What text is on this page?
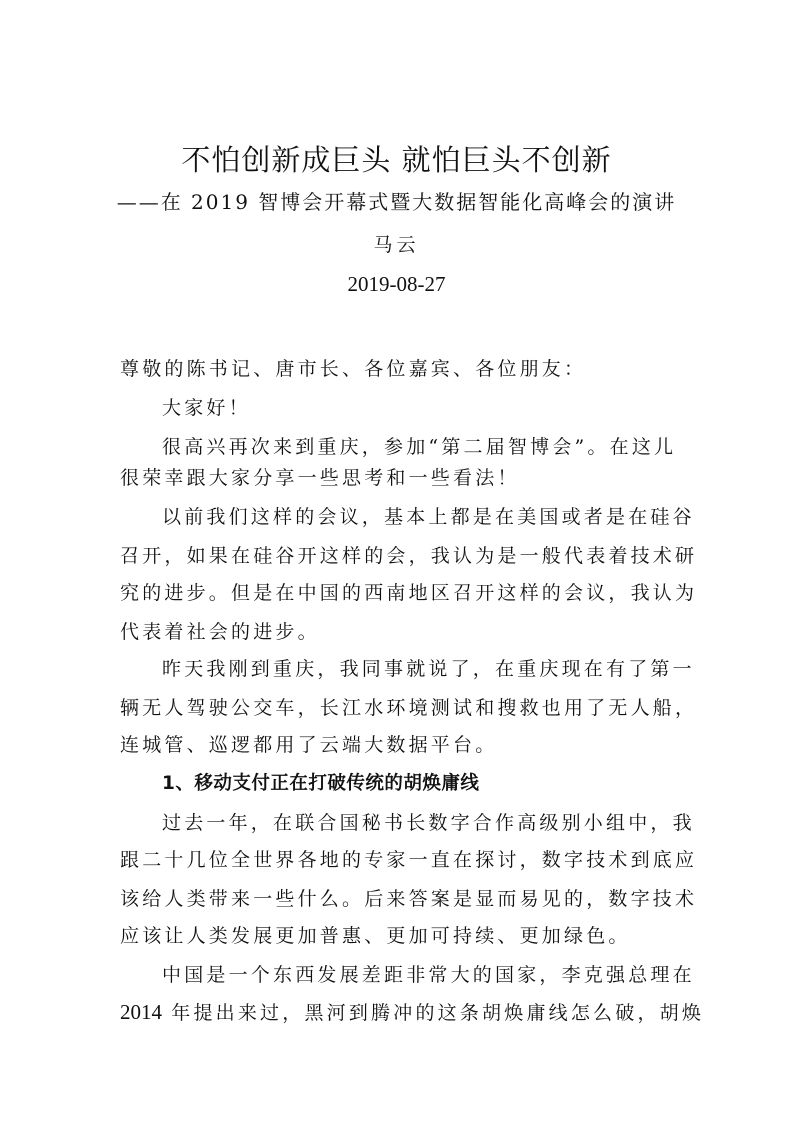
不怕创新成巨头 就怕巨头不创新
——在 2019 智博会开幕式暨大数据智能化高峰会的演讲
马云
2019-08-27
尊敬的陈书记、唐市长、各位嘉宾、各位朋友：
大家好！
很高兴再次来到重庆，参加“第二届智博会”。在这儿
很荣幸跟大家分享一些思考和一些看法！
以前我们这样的会议，基本上都是在美国或者是在硅谷
召开，如果在硅谷开这样的会，我认为是一般代表着技术研
究的进步。但是在中国的西南地区召开这样的会议，我认为
代表着社会的进步。
昨天我刚到重庆，我同事就说了，在重庆现在有了第一
辆无人驾驶公交车，长江水环境测试和搜救也用了无人船，
连城管、巡逻都用了云端大数据平台。
1、移动支付正在打破传统的胡焕庸线
过去一年，在联合国秘书长数字合作高级别小组中，我
跟二十几位全世界各地的专家一直在探讨，数字技术到底应
该给人类带来一些什么。后来答案是显而易见的，数字技术
应该让人类发展更加普惠、更加可持续、更加绿色。
中国是一个东西发展差距非常大的国家，李克强总理在
2014 年提出来过，黑河到腾冲的这条胡焕庸线怎么破，胡焕
